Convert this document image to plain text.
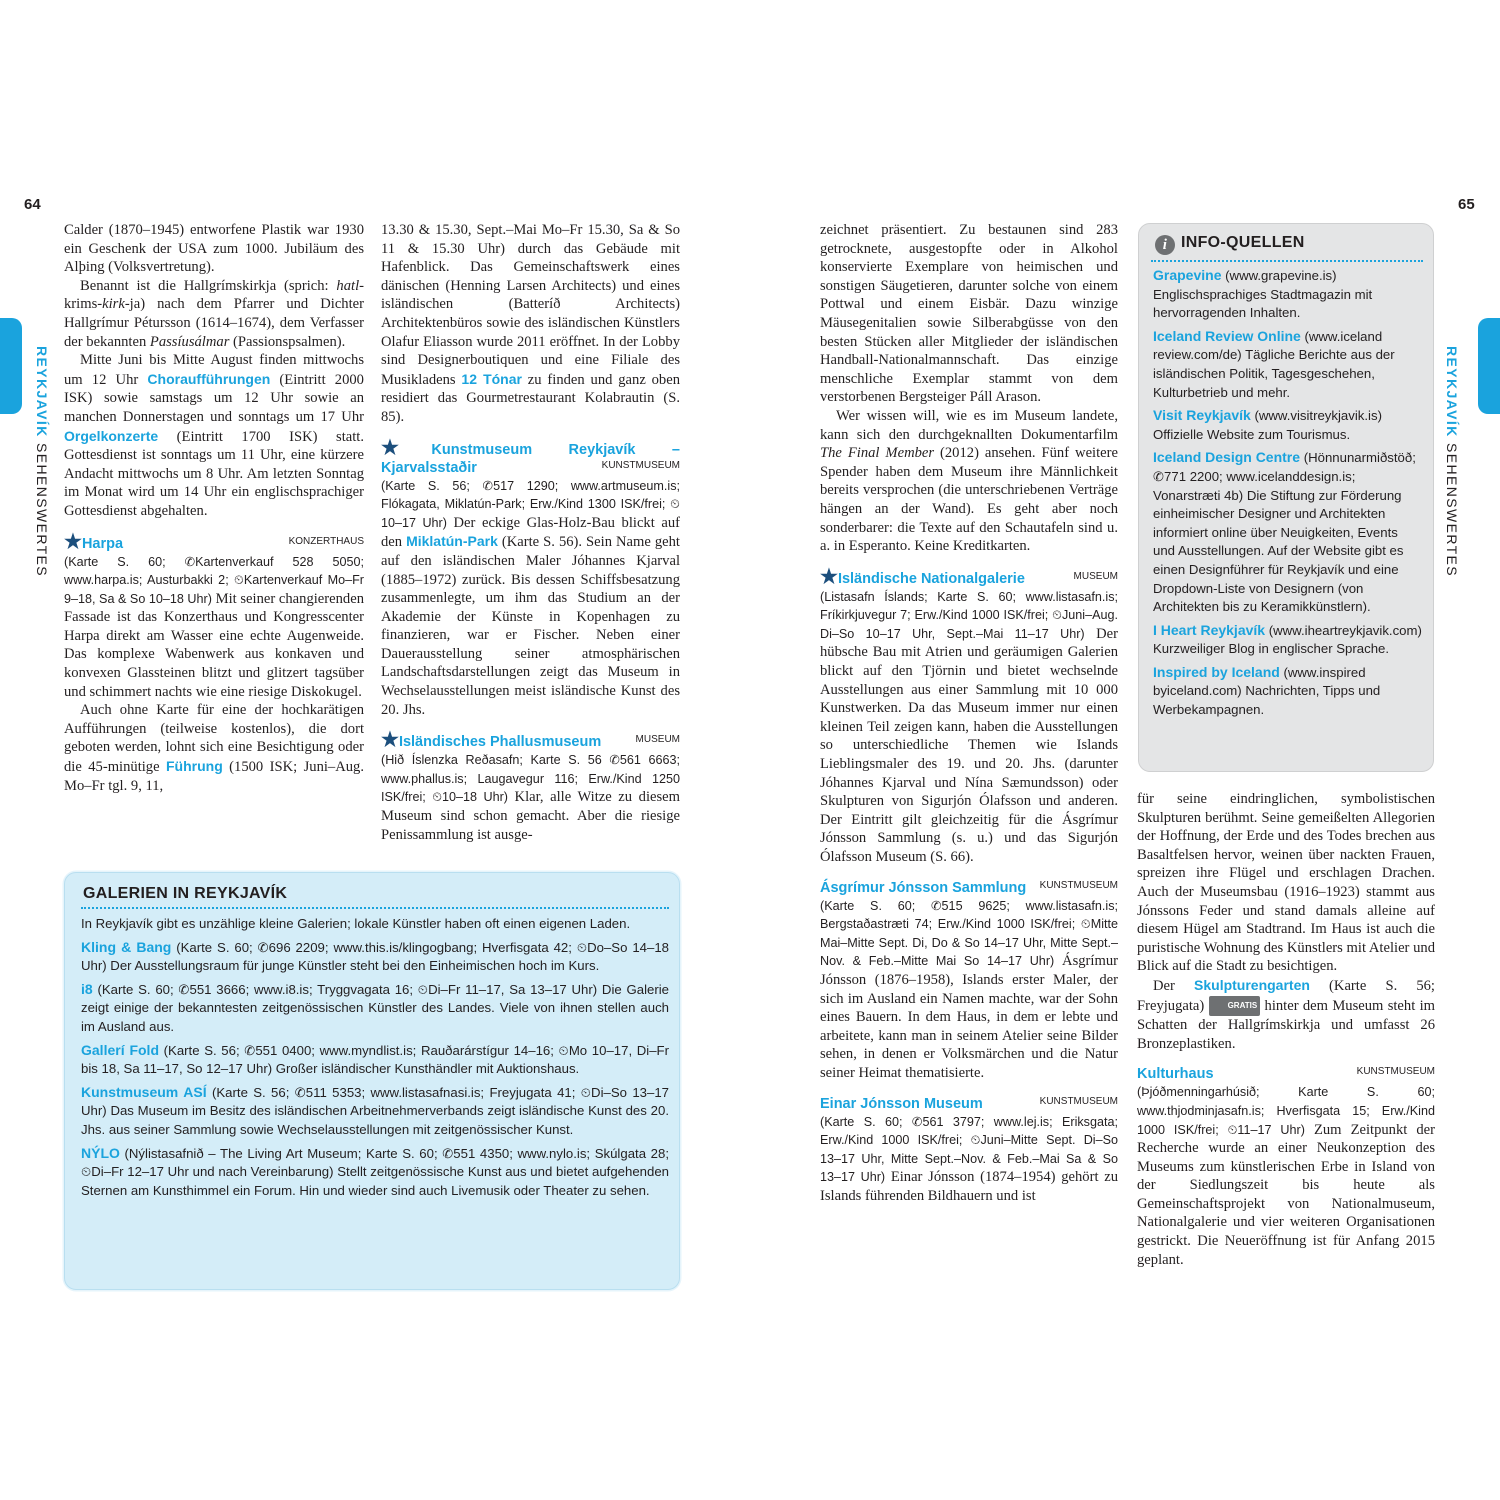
64
REYKJAVÍK SEHENSWERTES

Calder (1870–1945) entworfene Plastik war 1930 ein Geschenk der USA zum 1000. Jubiläum des Alþing (Volksvertretung).

Benannt ist die Hallgrímskirkja (sprich: hatl-krims-kirk-ja) nach dem Pfarrer und Dichter Hallgrímur Pétursson (1614–1674), dem Verfasser der bekannten Passíusálmar (Passionspsalmen).

Mitte Juni bis Mitte August finden mittwochs um 12 Uhr Choraufführungen (Eintritt 2000 ISK) sowie samstags um 12 Uhr sowie an manchen Donnerstagen und sonntags um 17 Uhr Orgelkonzerte (Eintritt 1700 ISK) statt. Gottesdienst ist sonntags um 11 Uhr, eine kürzere Andacht mittwochs um 8 Uhr. Am letzten Sonntag im Monat wird um 14 Uhr ein englischsprachiger Gottesdienst abgehalten.

★Harpa	KONZERTHAUS

(Karte S. 60; ✆Kartenverkauf 528 5050; www.harpa.is; Austurbakki 2; ⏲Kartenverkauf Mo–Fr 9–18, Sa & So 10–18 Uhr) Mit seiner changierenden Fassade ist das Konzerthaus und Kongresscenter Harpa direkt am Wasser eine echte Augenweide. Das komplexe Wabenwerk aus konkaven und konvexen Glassteinen blitzt und glitzert tagsüber und schimmert nachts wie eine riesige Diskokugel.

Auch ohne Karte für eine der hochkarätigen Aufführungen (teilweise kostenlos), die dort geboten werden, lohnt sich eine Besichtigung oder die 45-minütige Führung (1500 ISK; Juni–Aug. Mo–Fr tgl. 9, 11,

13.30 & 15.30, Sept.–Mai Mo–Fr 15.30, Sa & So 11 & 15.30 Uhr) durch das Gebäude mit Hafenblick. Das Gemeinschaftswerk eines dänischen (Henning Larsen Architects) und eines isländischen (Batteríð Architects) Architektenbüros sowie des isländischen Künstlers Olafur Eliasson wurde 2011 eröffnet. In der Lobby sind Designerboutiquen und eine Filiale des Musikladens 12 Tónar zu finden und ganz oben residiert das Gourmetrestaurant Kolabrautin (S. 85).

★Kunstmuseum Reykjavík – Kjarvalsstaðir	KUNSTMUSEUM

(Karte S. 56; ✆517 1290; www.artmuseum.is; Flókagata, Miklatún-Park; Erw./Kind 1300 ISK/frei; ⏲10–17 Uhr) Der eckige Glas-Holz-Bau blickt auf den Miklatún-Park (Karte S. 56). Sein Name geht auf den isländischen Maler Jóhannes Kjarval (1885–1972) zurück. Bis dessen Schiffsbesatzung zusammenlegte, um ihm das Studium an der Akademie der Künste in Kopenhagen zu finanzieren, war er Fischer. Neben einer Dauerausstellung seiner atmosphärischen Landschaftsdarstellungen zeigt das Museum in Wechselausstellungen meist isländische Kunst des 20. Jhs.

★Isländisches Phallusmuseum	MUSEUM

(Hið Íslenzka Reðasafn; Karte S. 56 ✆561 6663; www.phallus.is; Laugavegur 116; Erw./Kind 1250 ISK/frei; ⏲10–18 Uhr) Klar, alle Witze zu diesem Museum sind schon gemacht. Aber die riesige Penissammlung ist ausge-

GALERIEN IN REYKJAVÍK

In Reykjavík gibt es unzählige kleine Galerien; lokale Künstler haben oft einen eigenen Laden.

Kling & Bang (Karte S. 60; ✆696 2209; www.this.is/klingogbang; Hverfisgata 42; ⏲Do–So 14–18 Uhr) Der Ausstellungsraum für junge Künstler steht bei den Einheimischen hoch im Kurs.

i8 (Karte S. 60; ✆551 3666; www.i8.is; Tryggvagata 16; ⏲Di–Fr 11–17, Sa 13–17 Uhr) Die Galerie zeigt einige der bekanntesten zeitgenössischen Künstler des Landes. Viele von ihnen stellen auch im Ausland aus.

Gallerí Fold (Karte S. 56; ✆551 0400; www.myndlist.is; Rauðarárstígur 14–16; ⏲Mo 10–17, Di–Fr bis 18, Sa 11–17, So 12–17 Uhr) Großer isländischer Kunsthändler mit Auktionshaus.

Kunstmuseum ASÍ (Karte S. 56; ✆511 5353; www.listasafnasi.is; Freyjugata 41; ⏲Di–So 13–17 Uhr) Das Museum im Besitz des isländischen Arbeitnehmerverbands zeigt isländische Kunst des 20. Jhs. aus seiner Sammlung sowie Wechselausstellungen mit zeitgenössischer Kunst.

NÝLO (Nýlistasafnið – The Living Art Museum; Karte S. 60; ✆551 4350; www.nylo.is; Skúlgata 28; ⏲Di–Fr 12–17 Uhr und nach Vereinbarung) Stellt zeitgenössische Kunst aus und bietet aufgehenden Sternen am Kunsthimmel ein Forum. Hin und wieder sind auch Livemusik oder Theater zu sehen.

65
REYKJAVÍK SEHENSWERTES

zeichnet präsentiert. Zu bestaunen sind 283 getrocknete, ausgestopfte oder in Alkohol konservierte Exemplare von heimischen und sonstigen Säugetieren, darunter solche von einem Pottwal und einem Eisbär. Dazu winzige Mäusegenitalien sowie Silberabgüsse von den besten Stücken aller Mitglieder der isländischen Handball-Nationalmannschaft. Das einzige menschliche Exemplar stammt von dem verstorbenen Bergsteiger Páll Arason.

Wer wissen will, wie es im Museum landete, kann sich den durchgeknallten Dokumentarfilm The Final Member (2012) ansehen. Fünf weitere Spender haben dem Museum ihre Männlichkeit bereits versprochen (die unterschriebenen Verträge hängen an der Wand). Es geht aber noch sonderbarer: die Texte auf den Schautafeln sind u. a. in Esperanto. Keine Kreditkarten.

★Isländische Nationalgalerie	MUSEUM

(Listasafn Íslands; Karte S. 60; www.listasafn.is; Fríkirkjuvegur 7; Erw./Kind 1000 ISK/frei; ⏲Juni–Aug. Di–So 10–17 Uhr, Sept.–Mai 11–17 Uhr) Der hübsche Bau mit Atrien und geräumigen Galerien blickt auf den Tjörnin und bietet wechselnde Ausstellungen aus einer Sammlung mit 10 000 Kunstwerken. Da das Museum immer nur einen kleinen Teil zeigen kann, haben die Ausstellungen so unterschiedliche Themen wie Islands Lieblingsmaler des 19. und 20. Jhs. (darunter Jóhannes Kjarval und Nína Sæmundsson) oder Skulpturen von Sigurjón Ólafsson und anderen. Der Eintritt gilt gleichzeitig für die Ásgrímur Jónsson Sammlung (s. u.) und das Sigurjón Ólafsson Museum (S. 66).

Ásgrímur Jónsson Sammlung KUNSTMUSEUM

(Karte S. 60; ✆515 9625; www.listasafn.is; Bergstaðastræti 74; Erw./Kind 1000 ISK/frei; ⏲Mitte Mai–Mitte Sept. Di, Do & So 14–17 Uhr, Mitte Sept.–Nov. & Feb.–Mitte Mai So 14–17 Uhr) Ásgrímur Jónsson (1876–1958), Islands erster Maler, der sich im Ausland ein Namen machte, war der Sohn eines Bauern. In dem Haus, in dem er lebte und arbeitete, kann man in seinem Atelier seine Bilder sehen, in denen er Volksmärchen und die Natur seiner Heimat thematisierte.

Einar Jónsson Museum	KUNSTMUSEUM

(Karte S. 60; ✆561 3797; www.lej.is; Eriksgata; Erw./Kind 1000 ISK/frei; ⏲Juni–Mitte Sept. Di–So 13–17 Uhr, Mitte Sept.–Nov. & Feb.–Mai Sa & So 13–17 Uhr) Einar Jónsson (1874–1954) gehört zu Islands führenden Bildhauern und ist

i INFO-QUELLEN

Grapevine (www.grapevine.is) Englischsprachiges Stadtmagazin mit hervorragenden Inhalten.

Iceland Review Online (www.iceland review.com/de) Tägliche Berichte aus der isländischen Politik, Tagesgeschehen, Kulturbetrieb und mehr.

Visit Reykjavík (www.visitreykjavik.is) Offizielle Website zum Tourismus.

Iceland Design Centre (Hönnunarmiðstöð; ✆771 2200; www.icelanddesign.is; Vonarstræti 4b) Die Stiftung zur Förderung einheimischer Designer und Architekten informiert online über Neuigkeiten, Events und Ausstellungen. Auf der Website gibt es einen Designführer für Reykjavík und eine Dropdown-Liste von Designern (von Architekten bis zu Keramikkünstlern).

I Heart Reykjavík (www.iheartreykjavik.com) Kurzweiliger Blog in englischer Sprache.

Inspired by Iceland (www.inspired byiceland.com) Nachrichten, Tipps und Werbekampagnen.

für seine eindringlichen, symbolistischen Skulpturen berühmt. Seine gemeißelten Allegorien der Hoffnung, der Erde und des Todes brechen aus Basaltfelsen hervor, weinen über nackten Frauen, spreizen ihre Flügel und erschlagen Drachen. Auch der Museumsbau (1916–1923) stammt aus Jónssons Feder und stand damals alleine auf diesem Hügel am Stadtrand. Im Haus ist auch die puristische Wohnung des Künstlers mit Atelier und Blick auf die Stadt zu besichtigen.

Der Skulpturengarten (Karte S. 56; Freyjugata) GRATIS hinter dem Museum steht im Schatten der Hallgrímskirkja und umfasst 26 Bronzeplastiken.

Kulturhaus	KUNSTMUSEUM

(Þjóðmenningarhúsið; Karte S. 60; www.thjodminjasafn.is; Hverfisgata 15; Erw./Kind 1000 ISK/frei; ⏲11–17 Uhr) Zum Zeitpunkt der Recherche wurde an einer Neukonzeption des Museums zum künstlerischen Erbe in Island von der Siedlungszeit bis heute als Gemeinschaftsprojekt von Nationalmuseum, Nationalgalerie und vier weiteren Organisationen gestrickt. Die Neueröffnung ist für Anfang 2015 geplant.
